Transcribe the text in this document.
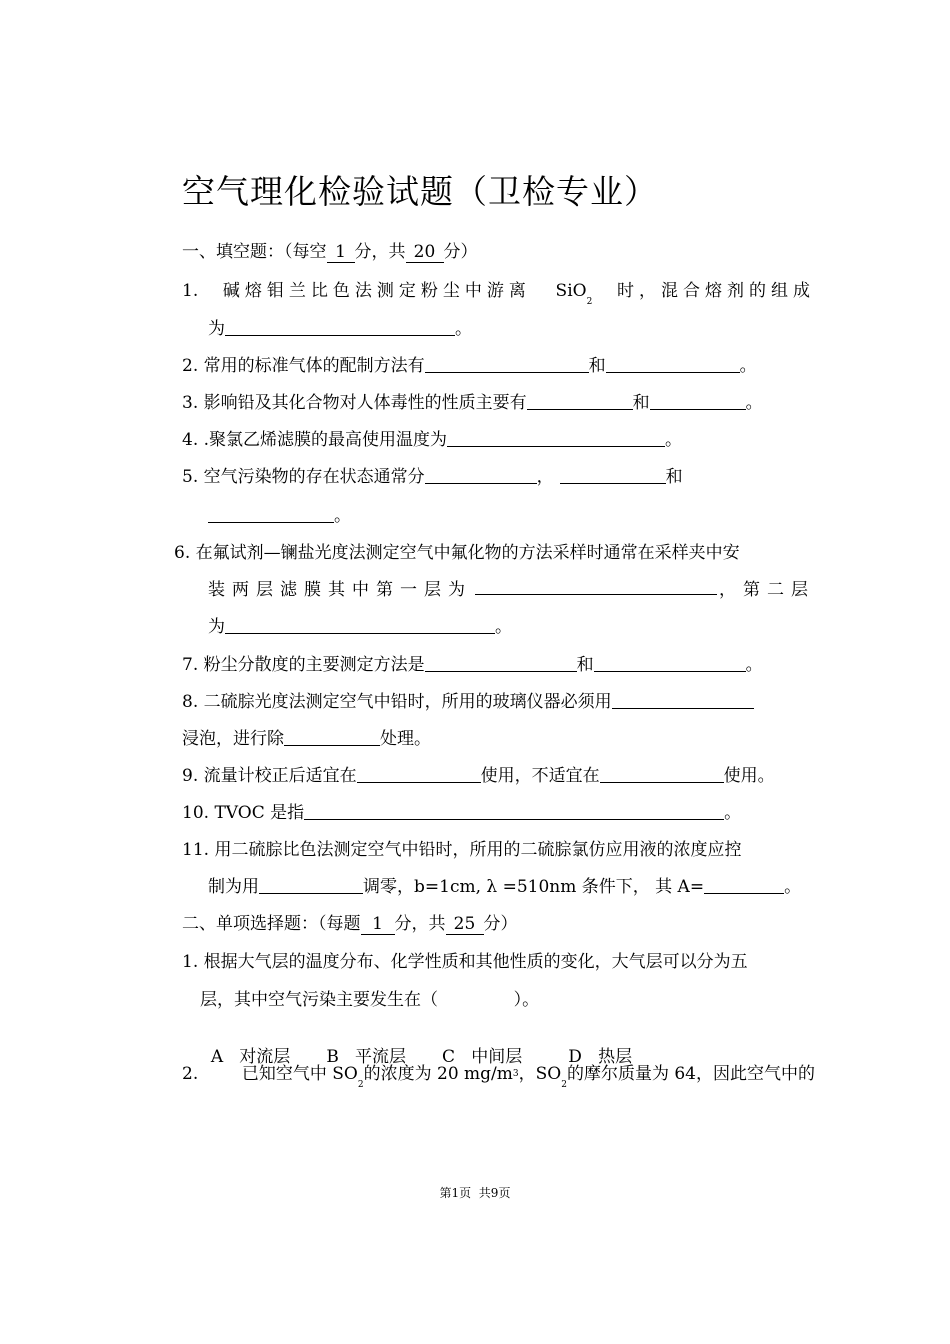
空气理化检验试题（卫检专业）
一、填空题：（每空 1 分，共 20 分）
1. 碱熔钼兰比色法测定粉尘中游离 SiO$_2$
时，混合熔剂的组成
为	。
2. 常用的标准气体的配制方法有	和	。
3. 影响铅及其化合物对人体毒性的性质主要有	和	。
4. .聚氯乙烯滤膜的最高使用温度为	。
5. 空气污染物的存在状态通常分	，	和
。
6. 在氟试剂—镧盐光度法测定空气中氟化物的方法采样时通常在采样夹中安
装两层滤膜其中第一层为	，第二层
为	。
7. 粉尘分散度的主要测定方法是	和	。
8. 二硫腙光度法测定空气中铅时，所用的玻璃仪器必须用
浸泡，进行除	处理。
9. 流量计校正后适宜在	使用，不适宜在	使用。
10. TVOC 是指	。
11. 用二硫腙比色法测定空气中铅时，所用的二硫腙氯仿应用液的浓度应控
制为用	调零，b=1cm, λ =510nm 条件下， 其 A=	。
二、单项选择题：（每题 1 分，共 25 分）
1. 根据大气层的温度分布、化学性质和其他性质的变化，大气层可以分为五
层，其中空气污染主要发生在（              ）。

A   对流层 B   平流层 C   中间层	D   热层

2.	已知空气中 $SO_2$的浓度为 20 $mg/m^3$，$SO_2$的摩尔质量为 64，因此空气中的
第1页  共9页
